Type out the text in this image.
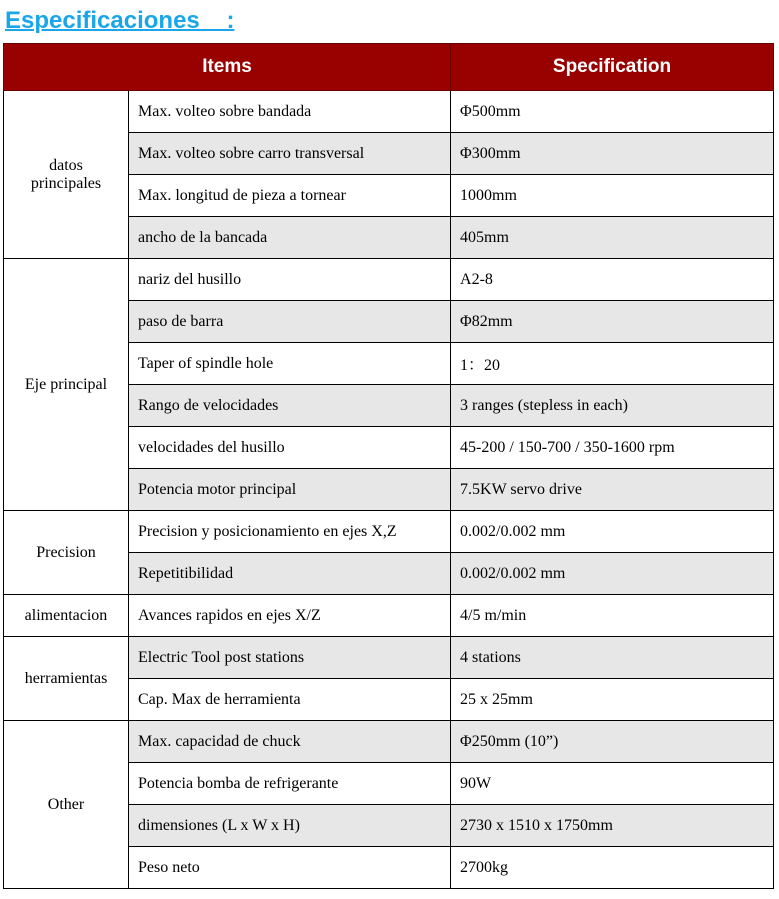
Especificaciones    :
Items		Specification
datos principales	Max. volteo sobre bandada	Φ500mm
	Max. volteo sobre carro transversal	Φ300mm
	Max. longitud de pieza a tornear	1000mm
	ancho de la bancada	405mm
Eje principal	nariz del husillo	A2-8
	paso de barra	Φ82mm
	Taper of spindle hole	1：20
	Rango de velocidades	3 ranges (stepless in each)
	velocidades del husillo	45-200 / 150-700 / 350-1600 rpm
	Potencia motor principal	7.5KW servo drive
Precision	Precision y posicionamiento en ejes X,Z	0.002/0.002 mm
	Repetitibilidad	0.002/0.002 mm
alimentacion	Avances rapidos en ejes X/Z	4/5 m/min
herramientas	Electric Tool post stations	4 stations
	Cap. Max de herramienta	25 x 25mm
Other	Max. capacidad de chuck	Φ250mm (10”)
	Potencia bomba de refrigerante	90W
	dimensiones (L x W x H)	2730 x 1510 x 1750mm
	Peso neto	2700kg
